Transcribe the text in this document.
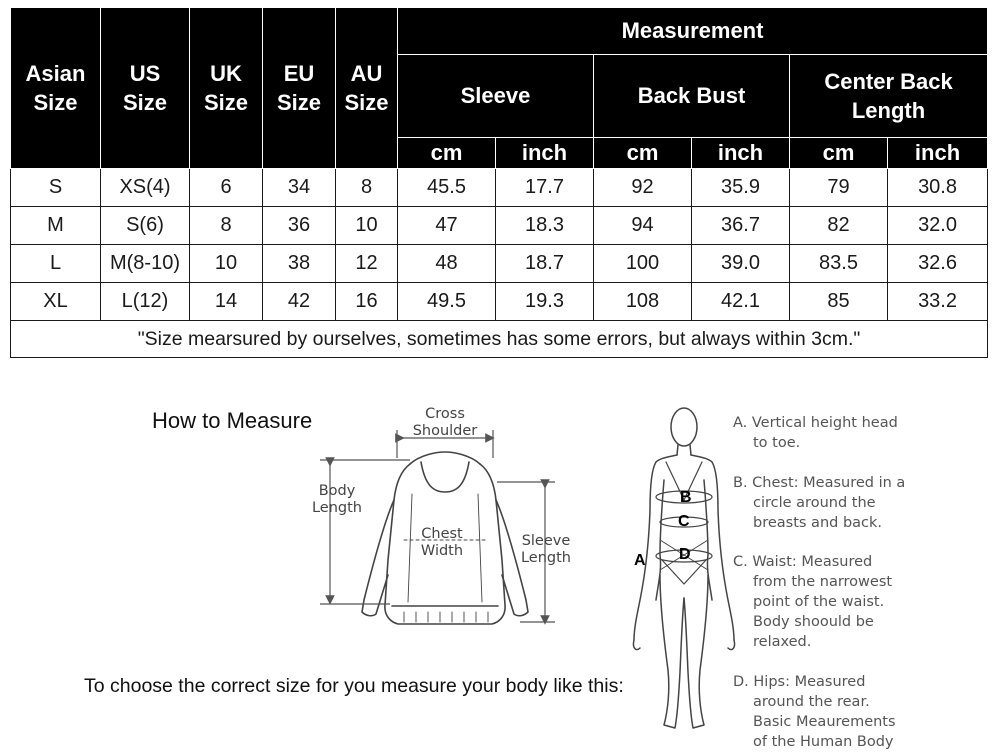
Asian
Size	US
Size	UK
Size	EU
Size	AU
Size	Measurement					
					Sleeve		Back Bust		Center Back
Length	
					cm	inch	cm	inch	cm	inch
S	XS(4)	6	34	8	45.5	17.7	92	35.9	79	30.8
M	S(6)	8	36	10	47	18.3	94	36.7	82	32.0
L	M(8-10)	10	38	12	48	18.7	100	39.0	83.5	32.6
XL	L(12)	14	42	16	49.5	19.3	108	42.1	85	33.2
"Size mearsured by ourselves, sometimes has some errors, but always within 3cm."										
How to Measure
To choose the correct size for you measure your body like this:
Cross
Shoulder
Body
Length
Chest
Width
Sleeve
Length	A
B
C
D
A. Vertical height head
to toe.
B. Chest: Measured in a
circle around the
breasts and back.
C. Waist: Measured
from the narrowest
point of the waist.
Body shoould be
relaxed.
D. Hips: Measured
around the rear.
Basic Meaurements
of the Human Body
